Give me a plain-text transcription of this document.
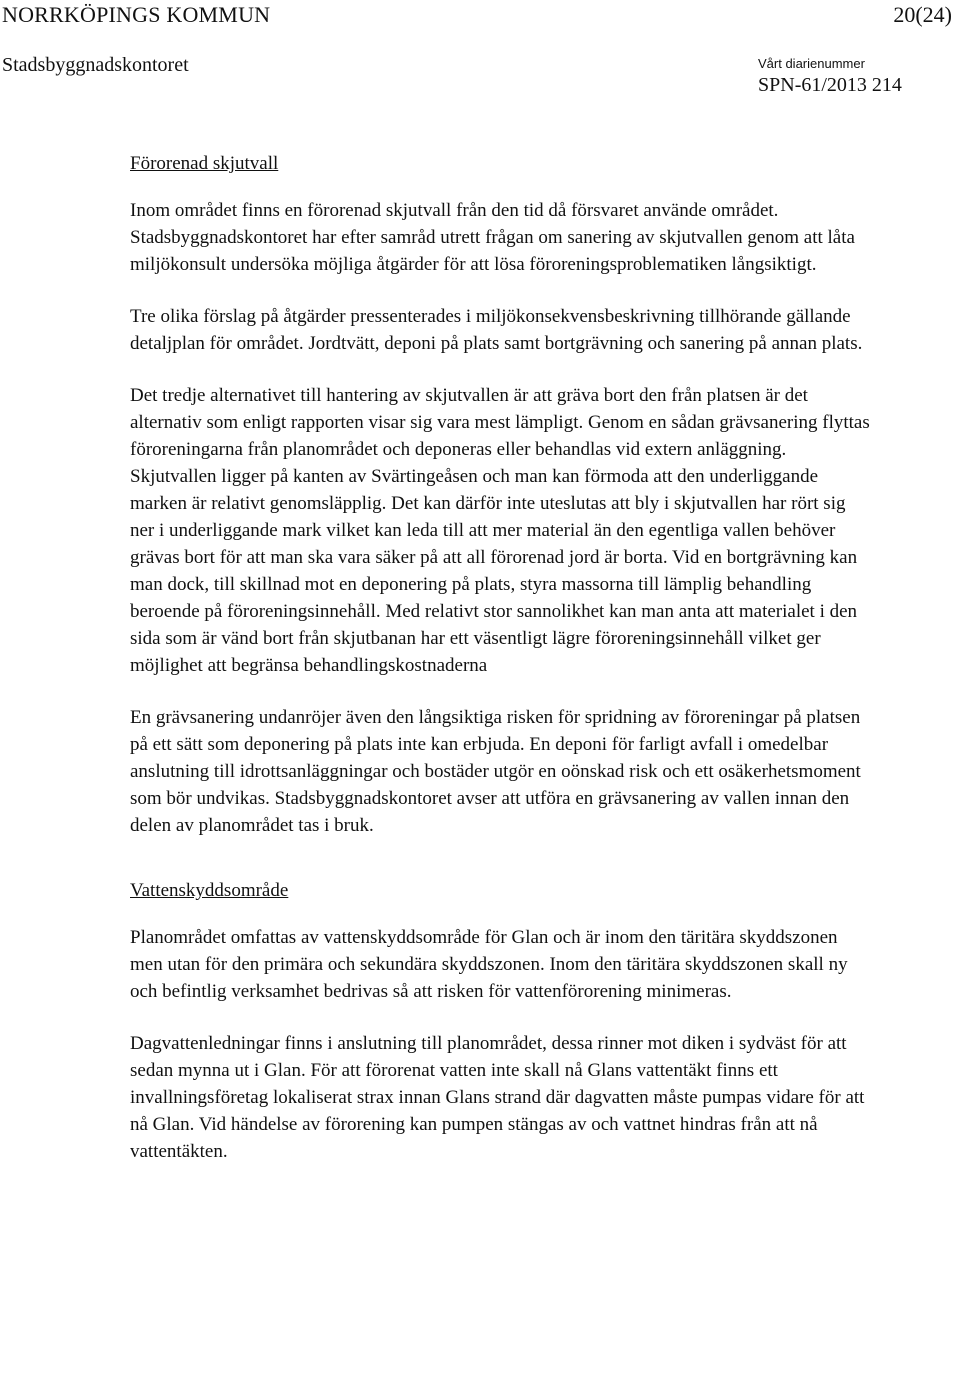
NORRKÖPINGS KOMMUN	20(24)
Stadsbyggnadskontoret	Vårt diarienummer
SPN-61/2013 214

Förorenad skjutvall

Inom området finns en förorenad skjutvall från den tid då försvaret använde området. Stadsbyggnadskontoret har efter samråd utrett frågan om sanering av skjutvallen genom att låta miljökonsult undersöka möjliga åtgärder för att lösa föroreningsproblematiken långsiktigt.

Tre olika förslag på åtgärder pressenterades i miljökonsekvensbeskrivning tillhörande gällande detaljplan för området. Jordtvätt, deponi på plats samt bortgrävning och sanering på annan plats.

Det tredje alternativet till hantering av skjutvallen är att gräva bort den från platsen är det alternativ som enligt rapporten visar sig vara mest lämpligt. Genom en sådan grävsanering flyttas föroreningarna från planområdet och deponeras eller behandlas vid extern anläggning. Skjutvallen ligger på kanten av Svärtingeåsen och man kan förmoda att den underliggande marken är relativt genomsläpplig. Det kan därför inte uteslutas att bly i skjutvallen har rört sig ner i underliggande mark vilket kan leda till att mer material än den egentliga vallen behöver grävas bort för att man ska vara säker på att all förorenad jord är borta. Vid en bortgrävning kan man dock, till skillnad mot en deponering på plats, styra massorna till lämplig behandling beroende på föroreningsinnehåll. Med relativt stor sannolikhet kan man anta att materialet i den sida som är vänd bort från skjutbanan har ett väsentligt lägre föroreningsinnehåll vilket ger möjlighet att begränsa behandlingskostnaderna

En grävsanering undanröjer även den långsiktiga risken för spridning av föroreningar på platsen på ett sätt som deponering på plats inte kan erbjuda. En deponi för farligt avfall i omedelbar anslutning till idrottsanläggningar och bostäder utgör en oönskad risk och ett osäkerhetsmoment som bör undvikas. Stadsbyggnadskontoret avser att utföra en grävsanering av vallen innan den delen av planområdet tas i bruk.

Vattenskyddsområde

Planområdet omfattas av vattenskyddsområde för Glan och är inom den täritära skyddszonen men utan för den primära och sekundära skyddszonen. Inom den täritära skyddszonen skall ny och befintlig verksamhet bedrivas så att risken för vattenförorening minimeras.

Dagvattenledningar finns i anslutning till planområdet, dessa rinner mot diken i sydväst för att sedan mynna ut i Glan. För att förorenat vatten inte skall nå Glans vattentäkt finns ett invallningsföretag lokaliserat strax innan Glans strand där dagvatten måste pumpas vidare för att nå Glan. Vid händelse av förorening kan pumpen stängas av och vattnet hindras från att nå vattentäkten.
